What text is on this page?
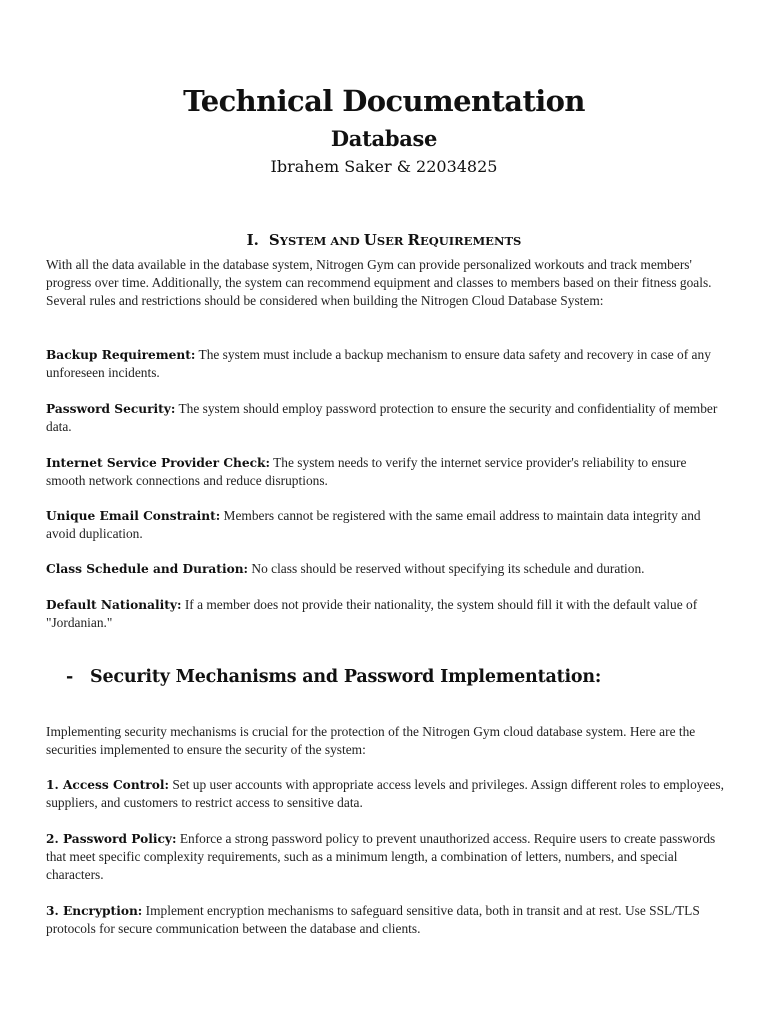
Technical Documentation
Database

Ibrahem Saker & 22034825

I. SYSTEM AND USER REQUIREMENTS

With all the data available in the database system, Nitrogen Gym can provide personalized workouts and track members' progress over time. Additionally, the system can recommend equipment and classes to members based on their fitness goals.
Several rules and restrictions should be considered when building the Nitrogen Cloud Database System:

Backup Requirement: The system must include a backup mechanism to ensure data safety and recovery in case of any unforeseen incidents.

Password Security: The system should employ password protection to ensure the security and confidentiality of member data.

Internet Service Provider Check: The system needs to verify the internet service provider's reliability to ensure smooth network connections and reduce disruptions.

Unique Email Constraint: Members cannot be registered with the same email address to maintain data integrity and avoid duplication.

Class Schedule and Duration: No class should be reserved without specifying its schedule and duration.

Default Nationality: If a member does not provide their nationality, the system should fill it with the default value of "Jordanian."

- Security Mechanisms and Password Implementation:

Implementing security mechanisms is crucial for the protection of the Nitrogen Gym cloud database system. Here are the securities implemented to ensure the security of the system:

1. Access Control: Set up user accounts with appropriate access levels and privileges. Assign different roles to employees, suppliers, and customers to restrict access to sensitive data.

2. Password Policy: Enforce a strong password policy to prevent unauthorized access. Require users to create passwords that meet specific complexity requirements, such as a minimum length, a combination of letters, numbers, and special characters.

3. Encryption: Implement encryption mechanisms to safeguard sensitive data, both in transit and at rest. Use SSL/TLS protocols for secure communication between the database and clients.
